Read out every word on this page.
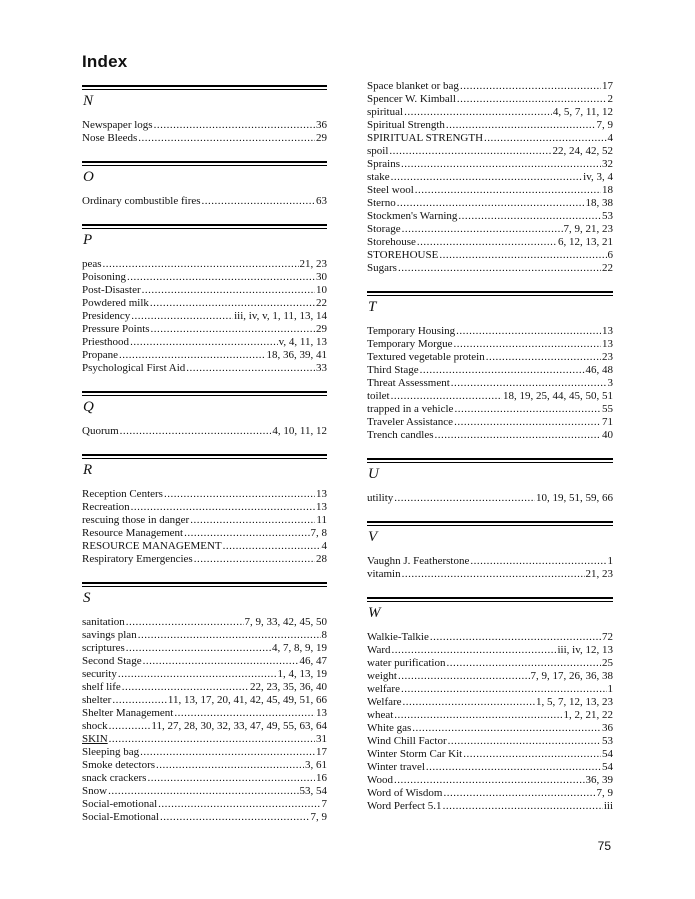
Index
N
Newspaper logs .....	36
Nose Bleeds .....	29
O
Ordinary combustible fires .....	63
P
peas .....	21, 23
Poisoning .....	30
Post-Disaster .....	10
Powdered milk .....	22
Presidency .....	iii, iv, v, 1, 11, 13, 14
Pressure Points .....	29
Priesthood .....	v, 4, 11, 13
Propane .....	18, 36, 39, 41
Psychological First Aid .....	33
Q
Quorum .....	4, 10, 11, 12
R
Reception Centers .....	13
Recreation .....	13
rescuing those in danger .....	11
Resource Management .....	7, 8
RESOURCE MANAGEMENT .....	4
Respiratory Emergencies .....	28
S
sanitation .....	7, 9, 33, 42, 45, 50
savings plan .....	8
scriptures .....	4, 7, 8, 9, 19
Second Stage .....	46, 47
security .....	1, 4, 13, 19
shelf life .....	22, 23, 35, 36, 40
shelter .....	11, 13, 17, 20, 41, 42, 45, 49, 51, 66
Shelter Management .....	13
shock .....	11, 27, 28, 30, 32, 33, 47, 49, 55, 63, 64
SKIN .....	31
Sleeping bag .....	17
Smoke detectors .....	3, 61
snack crackers .....	16
Snow .....	53, 54
Social-emotional .....	7
Social-Emotional .....	7, 9
Space blanket or bag .....	17
Spencer W. Kimball .....	2
spiritual .....	4, 5, 7, 11, 12
Spiritual Strength .....	7, 9
SPIRITUAL STRENGTH .....	4
spoil .....	22, 24, 42, 52
Sprains .....	32
stake .....	iv, 3, 4
Steel wool .....	18
Sterno .....	18, 38
Stockmen's Warning .....	53
Storage .....	7, 9, 21, 23
Storehouse .....	6, 12, 13, 21
STOREHOUSE .....	6
Sugars .....	22
T
Temporary Housing .....	13
Temporary Morgue .....	13
Textured vegetable protein .....	23
Third Stage .....	46, 48
Threat Assessment .....	3
toilet .....	18, 19, 25, 44, 45, 50, 51
trapped in a vehicle .....	55
Traveler Assistance .....	71
Trench candles .....	40
U
utility .....	10, 19, 51, 59, 66
V
Vaughn J. Featherstone .....	1
vitamin .....	21, 23
W
Walkie-Talkie .....	72
Ward .....	iii, iv, 12, 13
water purification .....	25
weight .....	7, 9, 17, 26, 36, 38
welfare .....	1
Welfare .....	1, 5, 7, 12, 13, 23
wheat .....	1, 2, 21, 22
White gas .....	36
Wind Chill Factor .....	53
Winter Storm Car Kit .....	54
Winter travel .....	54
Wood .....	36, 39
Word of Wisdom .....	7, 9
Word Perfect 5.1 .....	iii
75
